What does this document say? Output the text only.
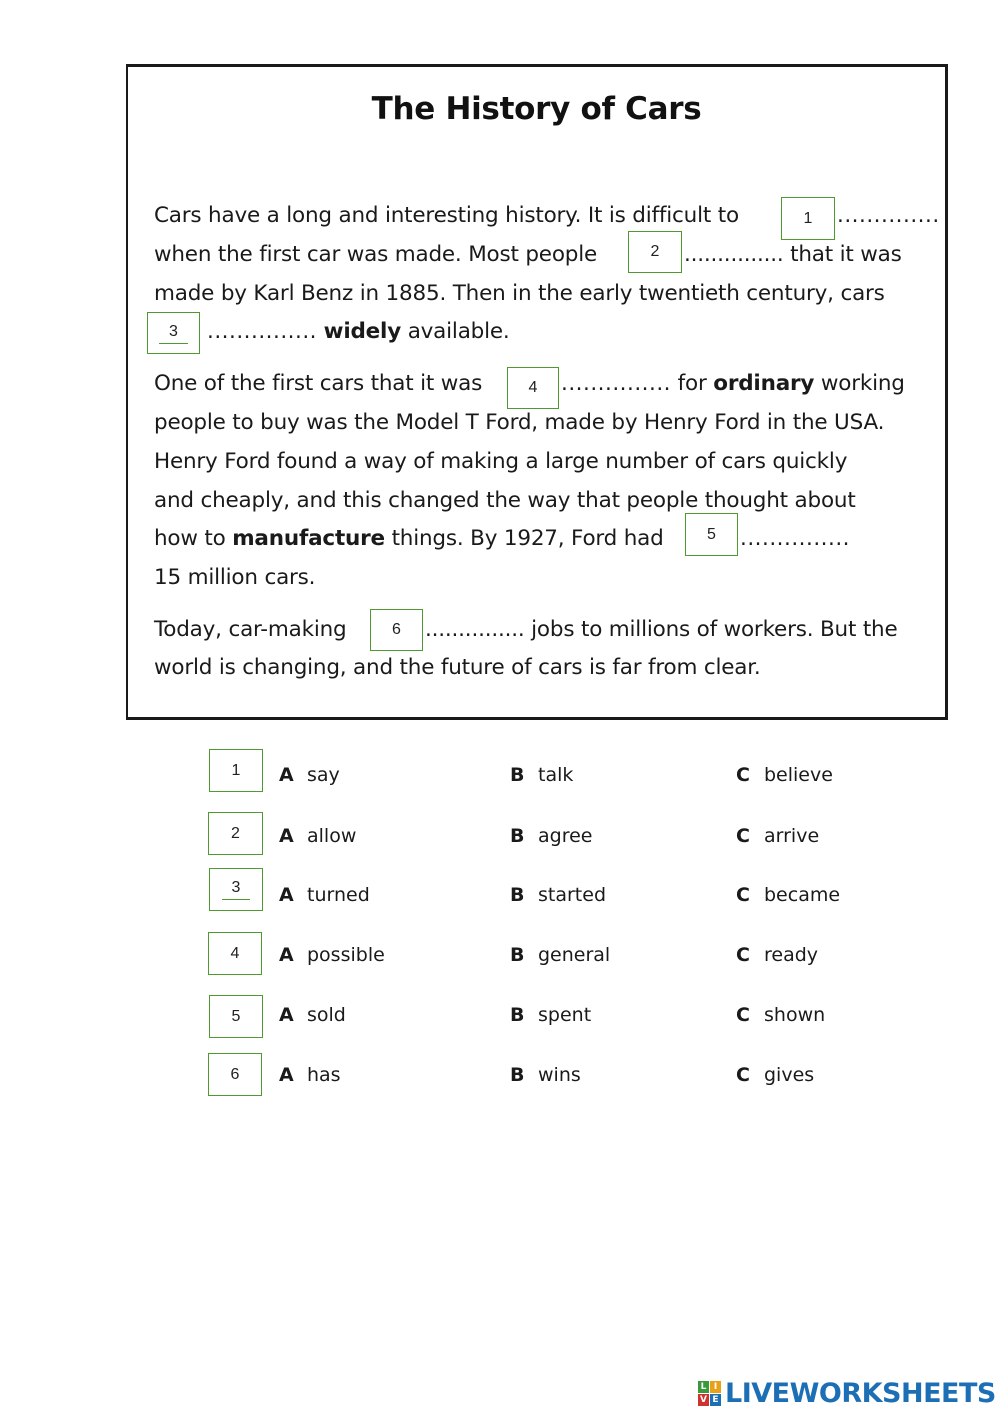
The History of Cars
Cars have a long and interesting history. It is difficult to	..............
when the first car was made. Most people	............... that it was
made by Karl Benz in 1885. Then in the early twentieth century, cars
............... widely available.
One of the first cars that it was	............... for ordinary working
people to buy was the Model T Ford, made by Henry Ford in the USA.
Henry Ford found a way of making a large number of cars quickly
and cheaply, and this changed the way that people thought about
how to manufacture things. By 1927, Ford had	...............
15 million cars.
Today, car-making	............... jobs to millions of workers. But the
world is changing, and the future of cars is far from clear.
1
2
3
4
5
6
1 A say	B talk	C believe
2 A allow	B agree	C arrive
3	A turned	B started	C became
4 A possible	B general	C ready
5 A sold	B spent	C shown
6 A has	B wins	C gives
L I
V E LIVEWORKSHEETS
